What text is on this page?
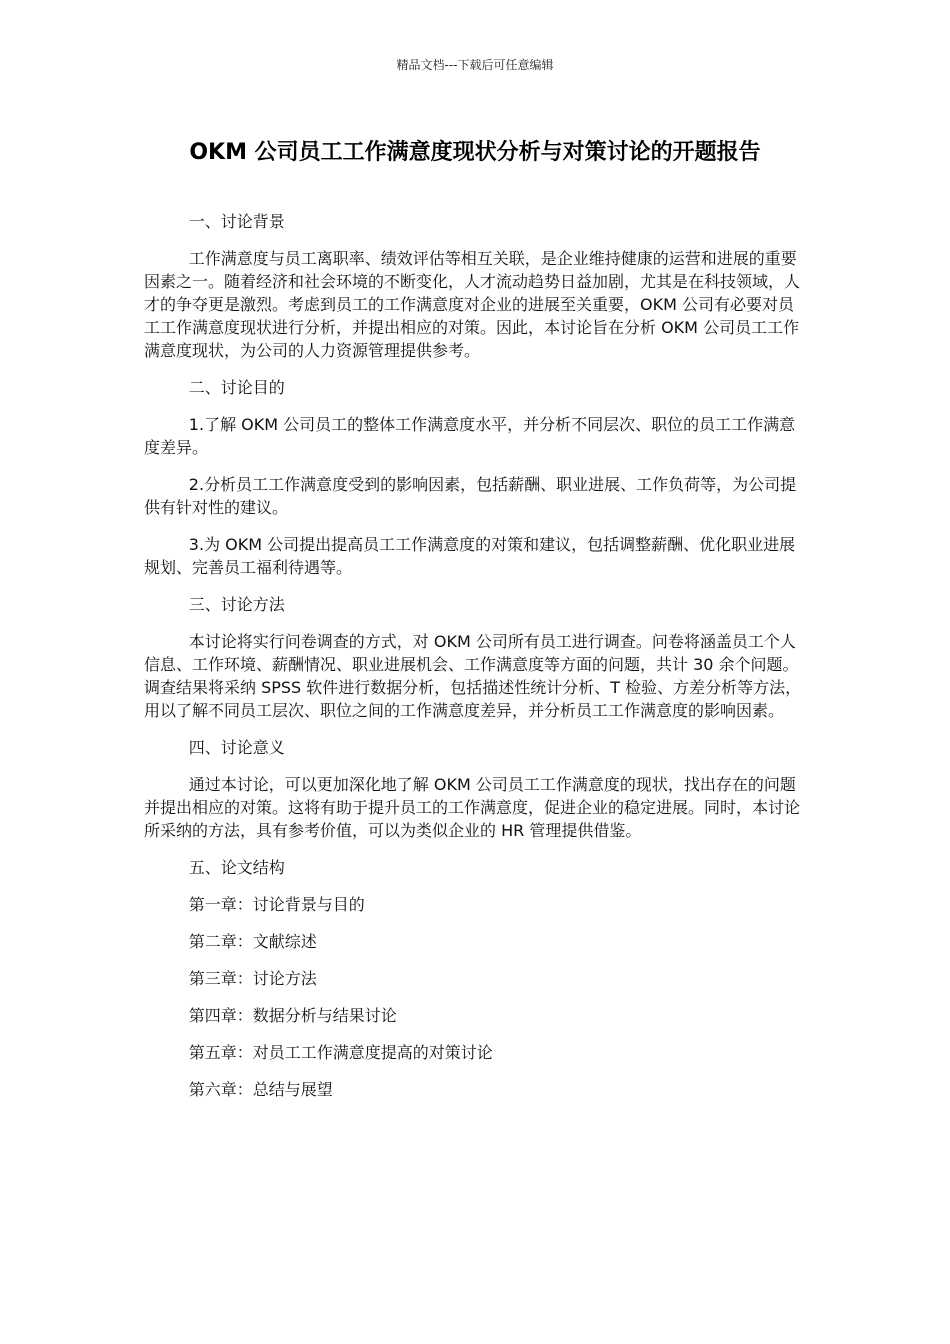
精品文档---下载后可任意编辑
OKM 公司员工工作满意度现状分析与对策讨论的开题报告

一、讨论背景

工作满意度与员工离职率、绩效评估等相互关联，是企业维持健康的运营和进展的重要因素之一。随着经济和社会环境的不断变化，人才流动趋势日益加剧，尤其是在科技领域，人才的争夺更是激烈。考虑到员工的工作满意度对企业的进展至关重要，OKM 公司有必要对员工工作满意度现状进行分析，并提出相应的对策。因此，本讨论旨在分析 OKM 公司员工工作满意度现状，为公司的人力资源管理提供参考。

二、讨论目的

1.了解 OKM 公司员工的整体工作满意度水平，并分析不同层次、职位的员工工作满意度差异。

2.分析员工工作满意度受到的影响因素，包括薪酬、职业进展、工作负荷等，为公司提供有针对性的建议。

3.为 OKM 公司提出提高员工工作满意度的对策和建议，包括调整薪酬、优化职业进展规划、完善员工福利待遇等。

三、讨论方法

本讨论将实行问卷调查的方式，对 OKM 公司所有员工进行调查。问卷将涵盖员工个人信息、工作环境、薪酬情况、职业进展机会、工作满意度等方面的问题，共计 30 余个问题。调查结果将采纳 SPSS 软件进行数据分析，包括描述性统计分析、T 检验、方差分析等方法，用以了解不同员工层次、职位之间的工作满意度差异，并分析员工工作满意度的影响因素。

四、讨论意义

通过本讨论，可以更加深化地了解 OKM 公司员工工作满意度的现状，找出存在的问题并提出相应的对策。这将有助于提升员工的工作满意度，促进企业的稳定进展。同时，本讨论所采纳的方法，具有参考价值，可以为类似企业的 HR 管理提供借鉴。

五、论文结构

第一章：讨论背景与目的

第二章：文献综述

第三章：讨论方法

第四章：数据分析与结果讨论

第五章：对员工工作满意度提高的对策讨论

第六章：总结与展望
